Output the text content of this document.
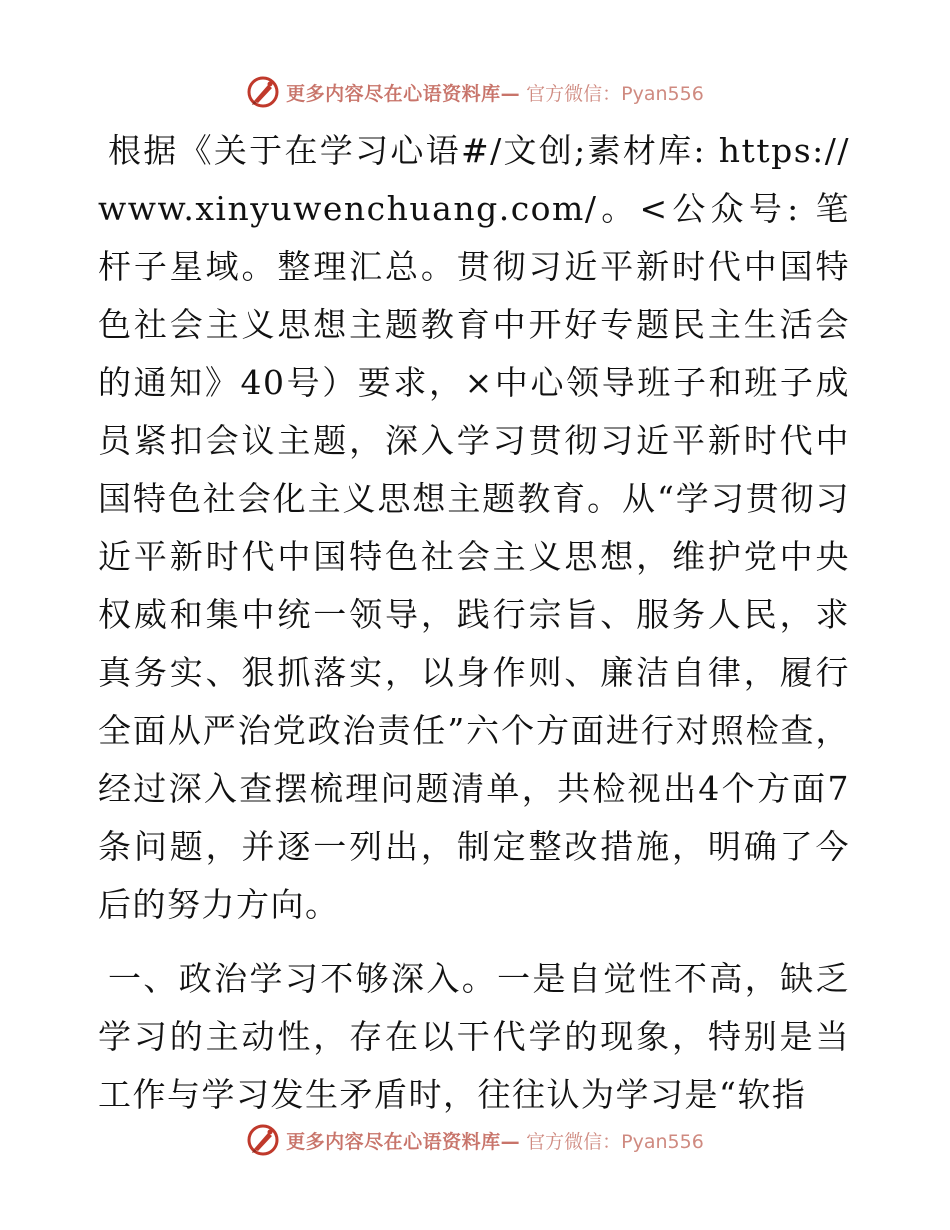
更多内容尽在心语资料库— 官方微信：Pyan556

根据《关于在学习心语#/文创;素材库: https://www.xinyuwenchuang.com/。<公众号: 笔杆子星域。整理汇总。贯彻习近平新时代中国特色社会主义思想主题教育中开好专题民主生活会的通知》40号）要求，×中心领导班子和班子成员紧扣会议主题，深入学习贯彻习近平新时代中国特色社会化主义思想主题教育。从“学习贯彻习近平新时代中国特色社会主义思想，维护党中央权威和集中统一领导，践行宗旨、服务人民，求真务实、狠抓落实，以身作则、廉洁自律，履行全面从严治党政治责任”六个方面进行对照检查，经过深入查摆梳理问题清单，共检视出4个方面7条问题，并逐一列出，制定整改措施，明确了今后的努力方向。

一、政治学习不够深入。一是自觉性不高，缺乏学习的主动性，存在以干代学的现象，特别是当工作与学习发生矛盾时，往往认为学习是“软指

更多内容尽在心语资料库— 官方微信：Pyan556
